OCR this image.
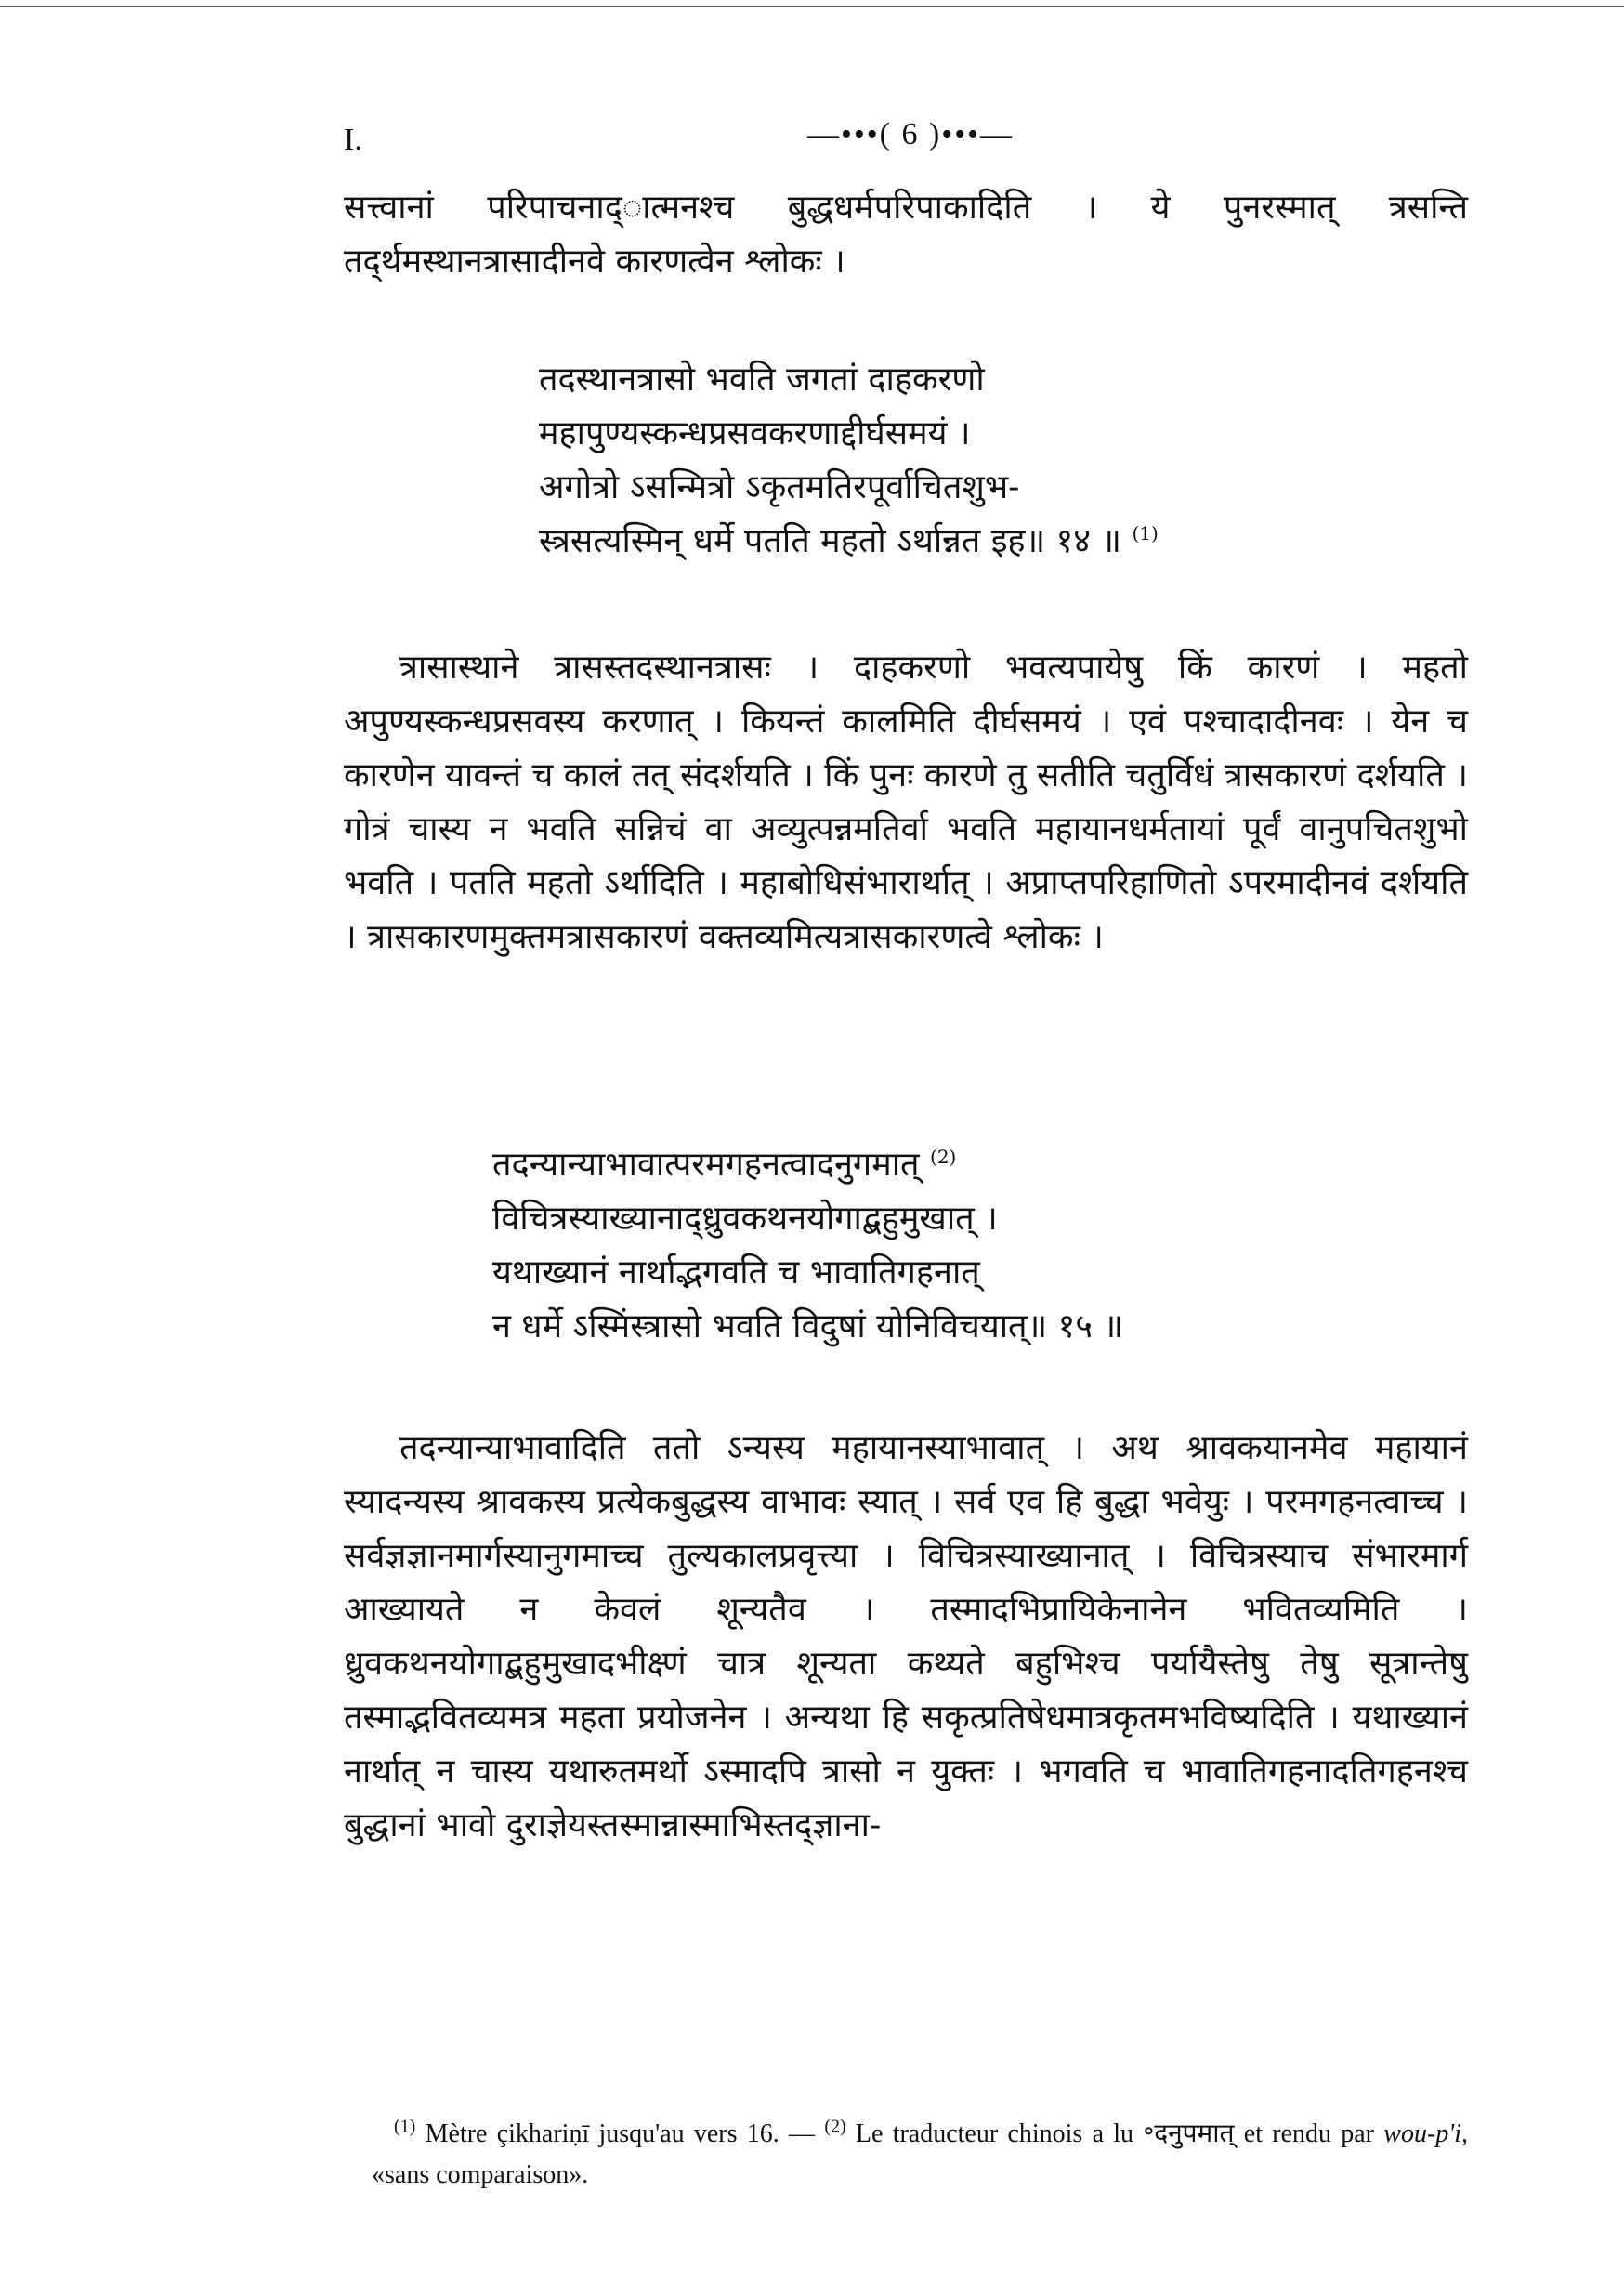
I.	—•••( 6 )•••—

सत्त्वानां परिपाचनाद्‌ात्मनश्च बुद्धधर्मपरिपाकादिति । ये पुनरस्मात् त्रसन्ति तद्‌र्थमस्थानत्रासादीनवे कारणत्वेन श्लोकः ।

तदस्थानत्रासो भवति जगतां दाहकरणो
महापुण्यस्कन्धप्रसवकरणाद्दीर्घसमयं ।
अगोत्रो ऽसन्मित्रो ऽकृतमतिरपूर्वाचितशुभ-
स्त्रसत्यस्मिन् धर्मे पतति महतो ऽर्थान्नत इह॥ १४ ॥ $^{(1)}$

त्रासास्थाने त्रासस्तदस्थानत्रासः । दाहकरणो भवत्यपायेषु किं कारणं । महतो अपुण्यस्कन्धप्रसवस्य करणात् । कियन्तं कालमिति दीर्घसमयं । एवं पश्चादादीनवः । येन च कारणेन यावन्तं च कालं तत् संदर्शयति । किं पुनः कारणे तु सतीति चतुर्विधं त्रासकारणं दर्शयति । गोत्रं चास्य न भवति सन्निचं वा अव्युत्पन्नमतिर्वा भवति महायानधर्मतायां पूर्वं वानुपचितशुभो भवति । पतति महतो ऽर्थादिति । महाबोधिसंभारार्थात् । अप्राप्तपरिहाणितो ऽपरमादीनवं दर्शयति । त्रासकारणमुक्तमत्रासकारणं वक्तव्यमित्यत्रासकारणत्वे श्लोकः ।

तदन्यान्याभावात्परमगहनत्वादनुगमात् $^{(2)}$
विचित्रस्याख्यानाद्ध्रुवकथनयोगाद्बहुमुखात् ।
यथाख्यानं नार्थाद्भगवति च भावातिगहनात्
न धर्मे ऽस्मिंस्त्रासो भवति विदुषां योनिविचयात्॥ १५ ॥

तदन्यान्याभावादिति ततो ऽन्यस्य महायानस्याभावात् । अथ श्रावकयानमेव महायानं स्यादन्यस्य श्रावकस्य प्रत्येकबुद्धस्य वाभावः स्यात् । सर्व एव हि बुद्धा भवेयुः । परमगहनत्वाच्च । सर्वज्ञज्ञानमार्गस्यानुगमाच्च तुल्यकालप्रवृत्त्या । विचित्रस्याख्यानात् । विचित्रस्याच संभारमार्ग आख्यायते न केवलं शून्यतैव । तस्मादभिप्रायिकेनानेन भवितव्यमिति । ध्रुवकथनयोगाद्बहुमुखादभीक्ष्णं चात्र शून्यता कथ्यते बहुभिश्च पर्यायैस्तेषु तेषु सूत्रान्तेषु तस्माद्भवितव्यमत्र महता प्रयोजनेन । अन्यथा हि सकृत्प्रतिषेधमात्रकृतमभविष्यदिति । यथाख्यानं नार्थात् न चास्य यथारुतमर्थो ऽस्मादपि त्रासो न युक्तः । भगवति च भावातिगहनादतिगहनश्च बुद्धानां भावो दुराज्ञेयस्तस्मान्नास्माभिस्तद्ज्ञाना-

$^{(1)}$ Mètre çikhariṇī jusqu'au vers 16. — $^{(2)}$ Le traducteur chinois a lu ॰दनुपमात् et rendu par wou-p'i, «sans comparaison».
